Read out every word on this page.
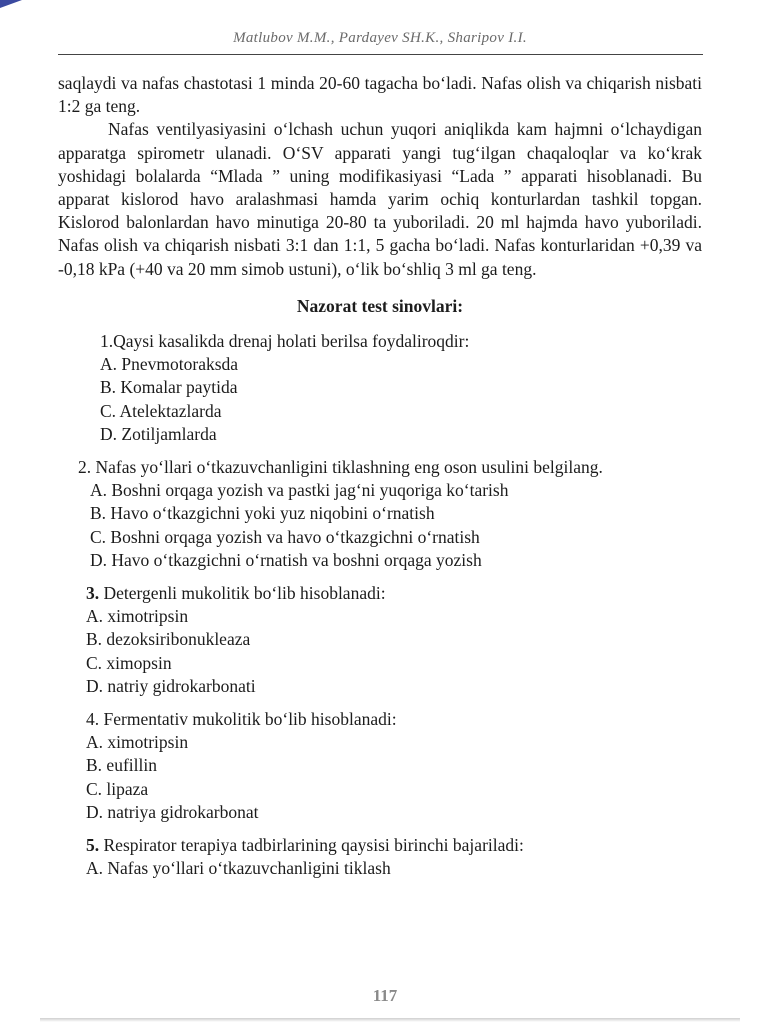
Matlubov M.M., Pardayev SH.K., Sharipov I.I.

saqlaydi va nafas chastotasi 1 minda 20-60 tagacha bo‘ladi. Nafas olish va chiqarish nisbati 1:2 ga teng.

Nafas ventilyasiyasini o‘lchash uchun yuqori aniqlikda kam hajmni o‘lchaydigan apparatga spirometr ulanadi. O‘SV apparati yangi tug‘ilgan chaqaloqlar va ko‘krak yoshidagi bolalarda “Mlada ” uning modifikasiyasi “Lada ” apparati hisoblanadi. Bu apparat kislorod havo aralashmasi hamda yarim ochiq konturlardan tashkil topgan. Kislorod balonlardan havo minutiga 20-80 ta yuboriladi. 20 ml hajmda havo yuboriladi. Nafas olish va chiqarish nisbati 3:1 dan 1:1, 5 gacha bo‘ladi. Nafas konturlaridan +0,39 va -0,18 kPa (+40 va 20 mm simob ustuni), o‘lik bo‘shliq 3 ml ga teng.

Nazorat test sinovlari:

1.Qaysi kasalikda drenaj holati berilsa foydaliroqdir:

A. Pnevmotoraksda
B. Komalar paytida
C. Atelektazlarda
D. Zotiljamlarda

2. Nafas yo‘llari o‘tkazuvchanligini tiklashning eng oson usulini belgilang.

A. Boshni orqaga yozish va pastki jag‘ni yuqoriga ko‘tarish
B. Havo o‘tkazgichni yoki yuz niqobini o‘rnatish
C. Boshni orqaga yozish va havo o‘tkazgichni o‘rnatish
D. Havo o‘tkazgichni o‘rnatish va boshni orqaga yozish

3. Detergenli mukolitik bo‘lib hisoblanadi:

A. ximotripsin
B. dezoksiribonukleaza
C. ximopsin
D. natriy gidrokarbonati

4. Fermentativ mukolitik bo‘lib hisoblanadi:

A. ximotripsin
B. eufillin
C. lipaza
D. natriya gidrokarbonat

5. Respirator terapiya tadbirlarining qaysisi birinchi bajariladi:

A. Nafas yo‘llari o‘tkazuvchanligini tiklash
117
